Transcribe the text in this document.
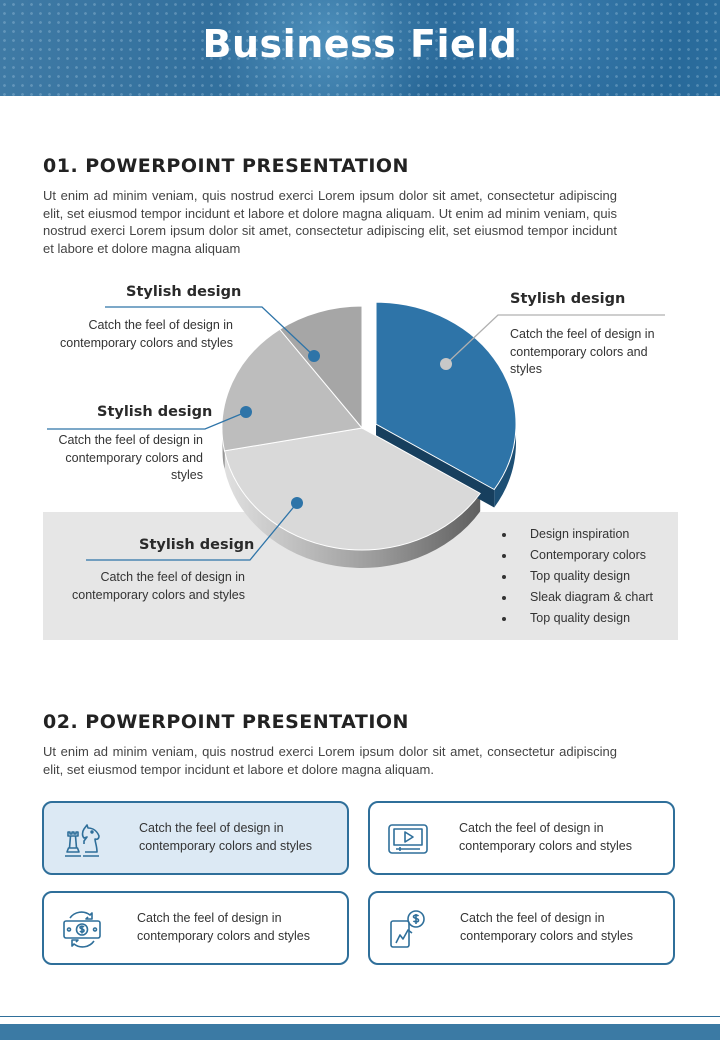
Business Field
01. POWERPOINT PRESENTATION

Ut enim ad minim veniam, quis nostrud exerci Lorem ipsum dolor sit amet, consectetur adipiscing elit, set eiusmod tempor incidunt et labore et dolore magna aliquam. Ut enim ad minim veniam, quis nostrud exerci Lorem ipsum dolor sit amet, consectetur adipiscing elit, set eiusmod tempor incidunt et labore et dolore magna aliquam

Stylish design

Catch the feel of design in contemporary colors and styles

Stylish design

Catch the feel of design in contemporary colors and styles

Stylish design

Catch the feel of design in contemporary colors and styles

Stylish design

Catch the feel of design in contemporary colors and styles

Design inspiration
Contemporary colors
Top quality design
Sleak diagram & chart
Top quality design
02. POWERPOINT PRESENTATION

Ut enim ad minim veniam, quis nostrud exerci Lorem ipsum dolor sit amet, consectetur adipiscing elit, set eiusmod tempor incidunt et labore et dolore magna aliquam.

Catch the feel of design in contemporary colors and styles

Catch the feel of design in contemporary colors and styles

Catch the feel of design in contemporary colors and styles

Catch the feel of design in contemporary colors and styles
